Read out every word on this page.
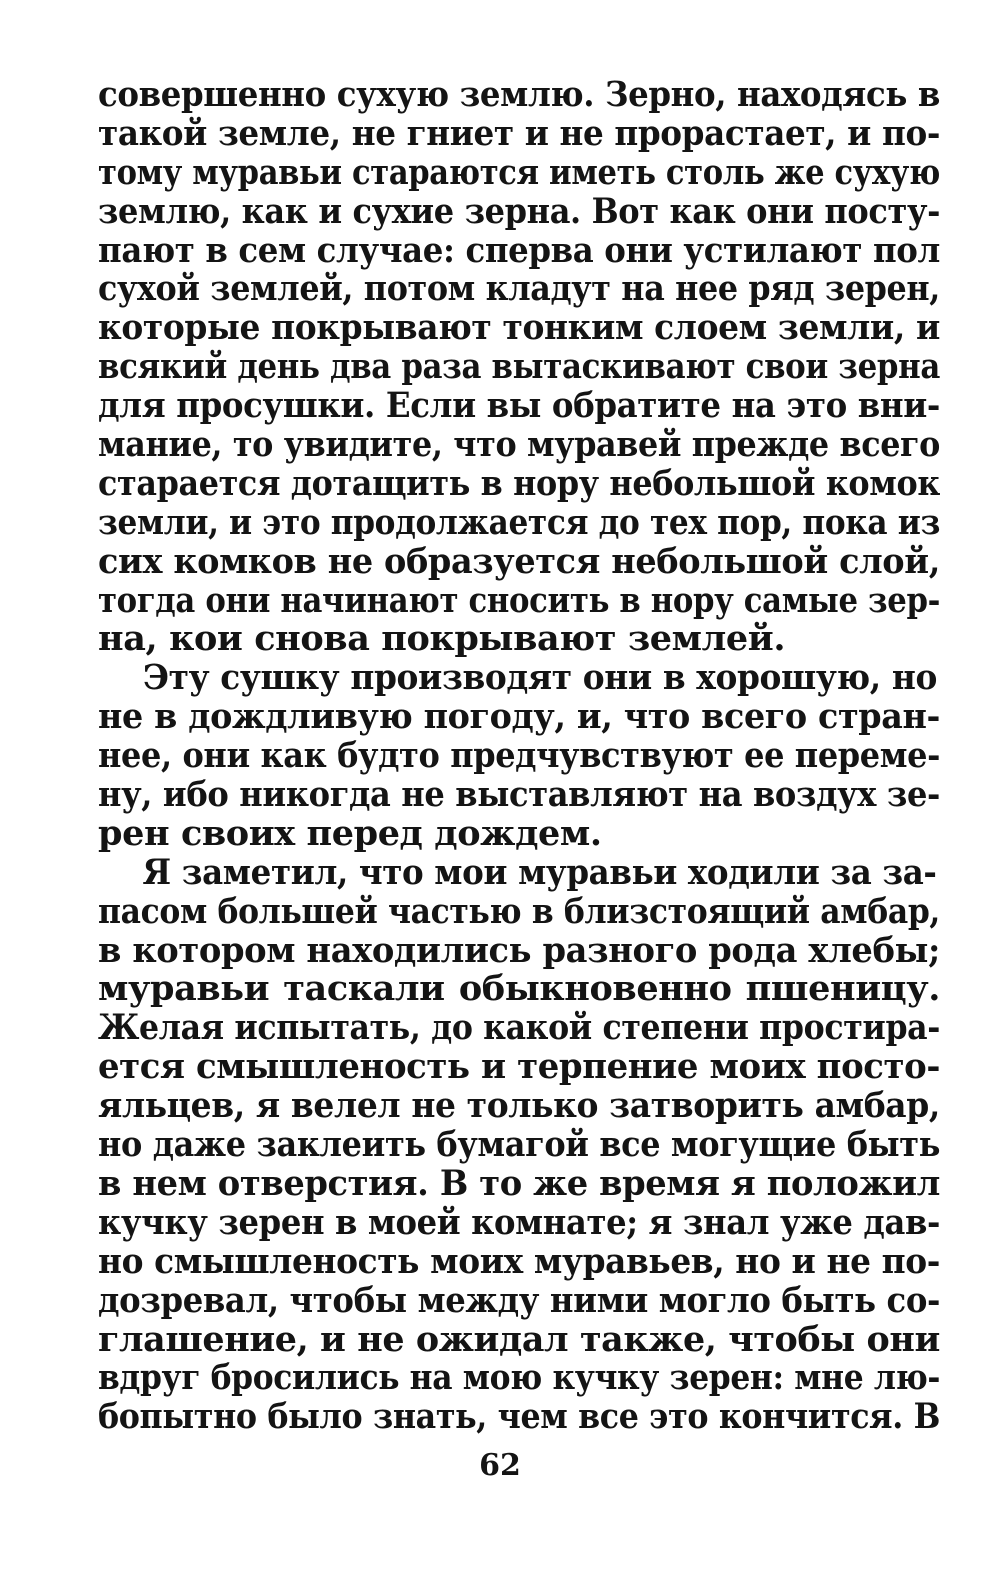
совершенно сухую землю. Зерно, находясь в
такой земле, не гниет и не прорастает, и по-
тому муравьи стараются иметь столь же сухую
землю, как и сухие зерна. Вот как они посту-
пают в сем случае: сперва они устилают пол
сухой землей, потом кладут на нее ряд зерен,
которые покрывают тонким слоем земли, и
всякий день два раза вытаскивают свои зерна
для просушки. Если вы обратите на это вни-
мание, то увидите, что муравей прежде всего
старается дотащить в нору небольшой комок
земли, и это продолжается до тех пор, пока из
сих комков не образуется небольшой слой,
тогда они начинают сносить в нору самые зер-
на, кои снова покрывают землей.
Эту сушку производят они в хорошую, но
не в дождливую погоду, и, что всего стран-
нее, они как будто предчувствуют ее переме-
ну, ибо никогда не выставляют на воздух зе-
рен своих перед дождем.
Я заметил, что мои муравьи ходили за за-
пасом большей частью в близстоящий амбар,
в котором находились разного рода хлебы;
муравьи таскали обыкновенно пшеницу.
Желая испытать, до какой степени простира-
ется смышленость и терпение моих посто-
яльцев, я велел не только затворить амбар,
но даже заклеить бумагой все могущие быть
в нем отверстия. В то же время я положил
кучку зерен в моей комнате; я знал уже дав-
но смышленость моих муравьев, но и не по-
дозревал, чтобы между ними могло быть со-
глашение, и не ожидал также, чтобы они
вдруг бросились на мою кучку зерен: мне лю-
бопытно было знать, чем все это кончится. В
62
